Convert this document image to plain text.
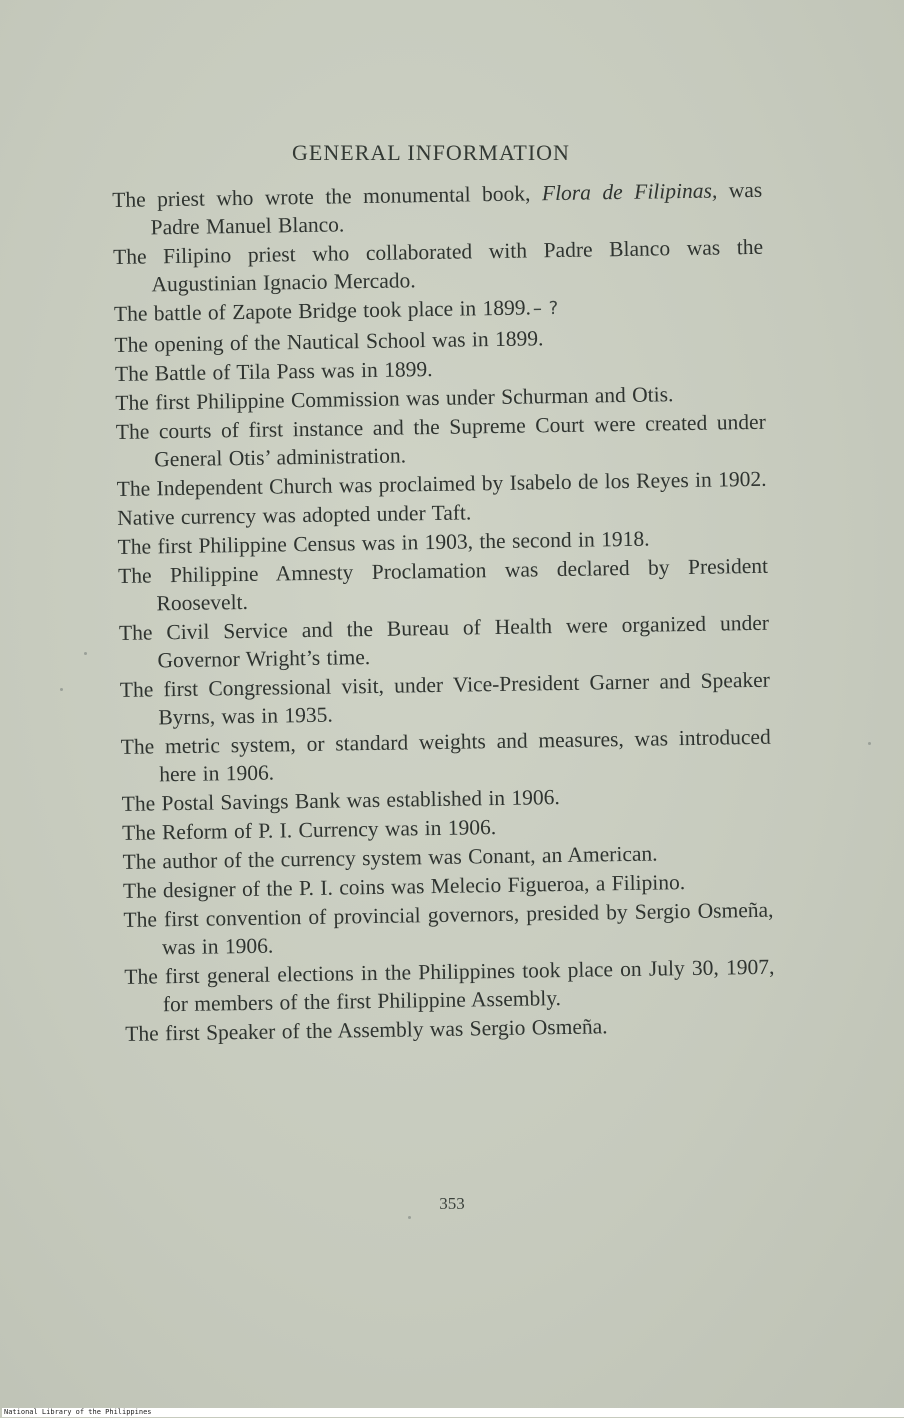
GENERAL INFORMATION

The priest who wrote the monumental book, Flora de Filipinas, was Padre Manuel Blanco.

The Filipino priest who collaborated with Padre Blanco was the Augustinian Ignacio Mercado.

The battle of Zapote Bridge took place in 1899.– ?

The opening of the Nautical School was in 1899.

The Battle of Tila Pass was in 1899.

The first Philippine Commission was under Schurman and Otis.

The courts of first instance and the Supreme Court were created under General Otis’ administration.

The Independent Church was proclaimed by Isabelo de los Reyes in 1902.

Native currency was adopted under Taft.

The first Philippine Census was in 1903, the second in 1918.

The Philippine Amnesty Proclamation was declared by President Roosevelt.

The Civil Service and the Bureau of Health were organized under Governor Wright’s time.

The first Congressional visit, under Vice-President Garner and Speaker Byrns, was in 1935.

The metric system, or standard weights and measures, was introduced here in 1906.

The Postal Savings Bank was established in 1906.

The Reform of P. I. Currency was in 1906.

The author of the currency system was Conant, an American.

The designer of the P. I. coins was Melecio Figueroa, a Filipino.

The first convention of provincial governors, presided by Sergio Osmeña, was in 1906.

The first general elections in the Philippines took place on July 30, 1907, for members of the first Philippine Assembly.

The first Speaker of the Assembly was Sergio Osmeña.

353
National Library of the Philippines
